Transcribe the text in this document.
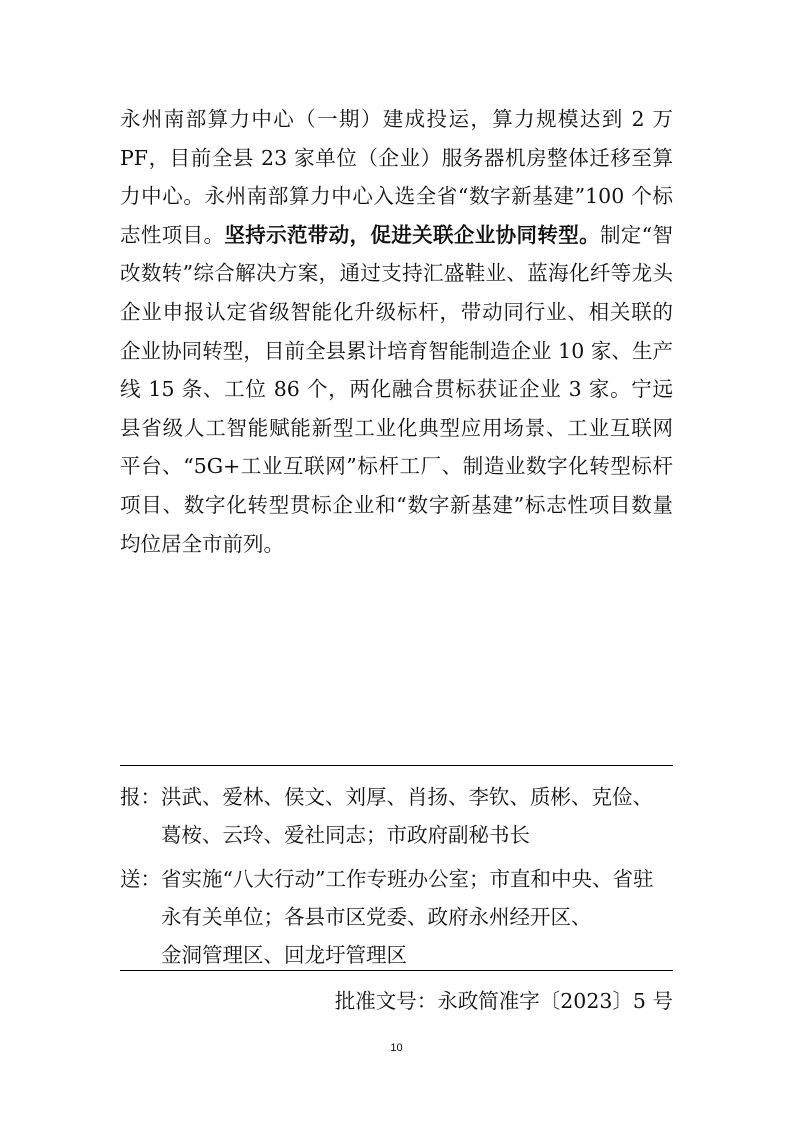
永州南部算力中心（一期）建成投运，算力规模达到 2 万 PF，目前全县 23 家单位（企业）服务器机房整体迁移至算力中心。永州南部算力中心入选全省“数字新基建”100 个标志性项目。坚持示范带动，促进关联企业协同转型。制定“智改数转”综合解决方案，通过支持汇盛鞋业、蓝海化纤等龙头企业申报认定省级智能化升级标杆，带动同行业、相关联的企业协同转型，目前全县累计培育智能制造企业 10 家、生产线 15 条、工位 86 个，两化融合贯标获证企业 3 家。宁远县省级人工智能赋能新型工业化典型应用场景、工业互联网平台、“5G+工业互联网”标杆工厂、制造业数字化转型标杆项目、数字化转型贯标企业和“数字新基建”标志性项目数量均位居全市前列。
报： 洪武、爱林、侯文、刘厚、肖扬、李钦、质彬、克俭、
葛桉、云玲、爱社同志；市政府副秘书长
送： 省实施“八大行动”工作专班办公室；市直和中央、省驻
永有关单位；各县市区党委、政府永州经开区、
金洞管理区、回龙圩管理区
批准文号：永政简准字〔2023〕5 号
10
